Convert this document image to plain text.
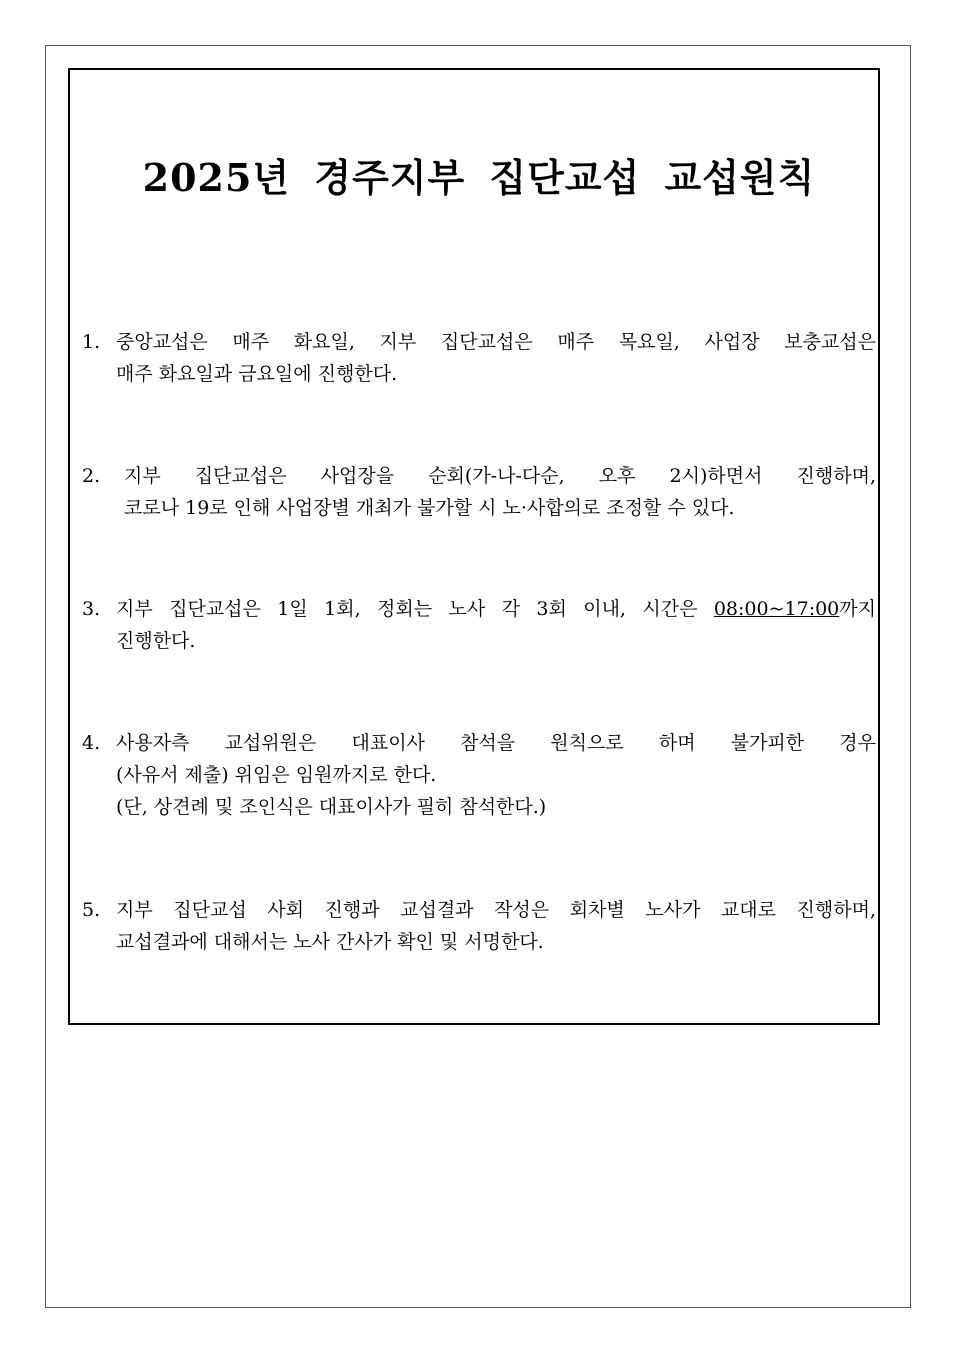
2025년 경주지부 집단교섭 교섭원칙
1. 중앙교섭은 매주 화요일, 지부 집단교섭은 매주 목요일, 사업장 보충교섭은
매주 화요일과 금요일에 진행한다.
2.	지부 집단교섭은 사업장을 순회(가-나-다순, 오후 2시)하면서 진행하며,
코로나 19로 인해 사업장별 개최가 불가할 시 노·사합의로 조정할 수 있다.
3. 지부 집단교섭은 1일 1회, 정회는 노사 각 3회 이내, 시간은 08:00~17:00까지
진행한다.
4. 사용자측 교섭위원은 대표이사 참석을 원칙으로 하며 불가피한 경우
(사유서 제출) 위임은 임원까지로 한다.
(단, 상견례 및 조인식은 대표이사가 필히 참석한다.)
5. 지부 집단교섭 사회 진행과 교섭결과 작성은 회차별 노사가 교대로 진행하며,
교섭결과에 대해서는 노사 간사가 확인 및 서명한다.
